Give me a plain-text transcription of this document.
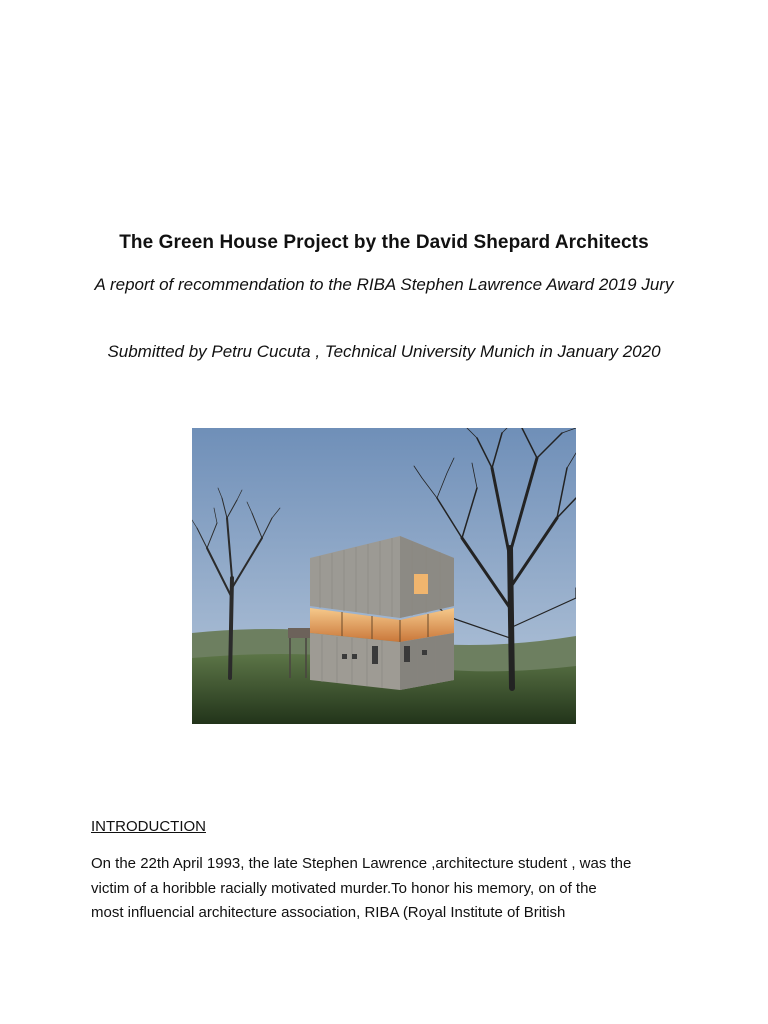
The Green House Project by the David Shepard Architects
A report of recommendation to the RIBA Stephen Lawrence Award 2019 Jury
Submitted by Petru Cucuta , Technical University Munich in January 2020
INTRODUCTION
On the 22th April 1993, the late Stephen Lawrence ,architecture student , was the
victim of a horibble racially motivated murder.To honor his memory, on of the
most influencial architecture association, RIBA (Royal Institute of British
